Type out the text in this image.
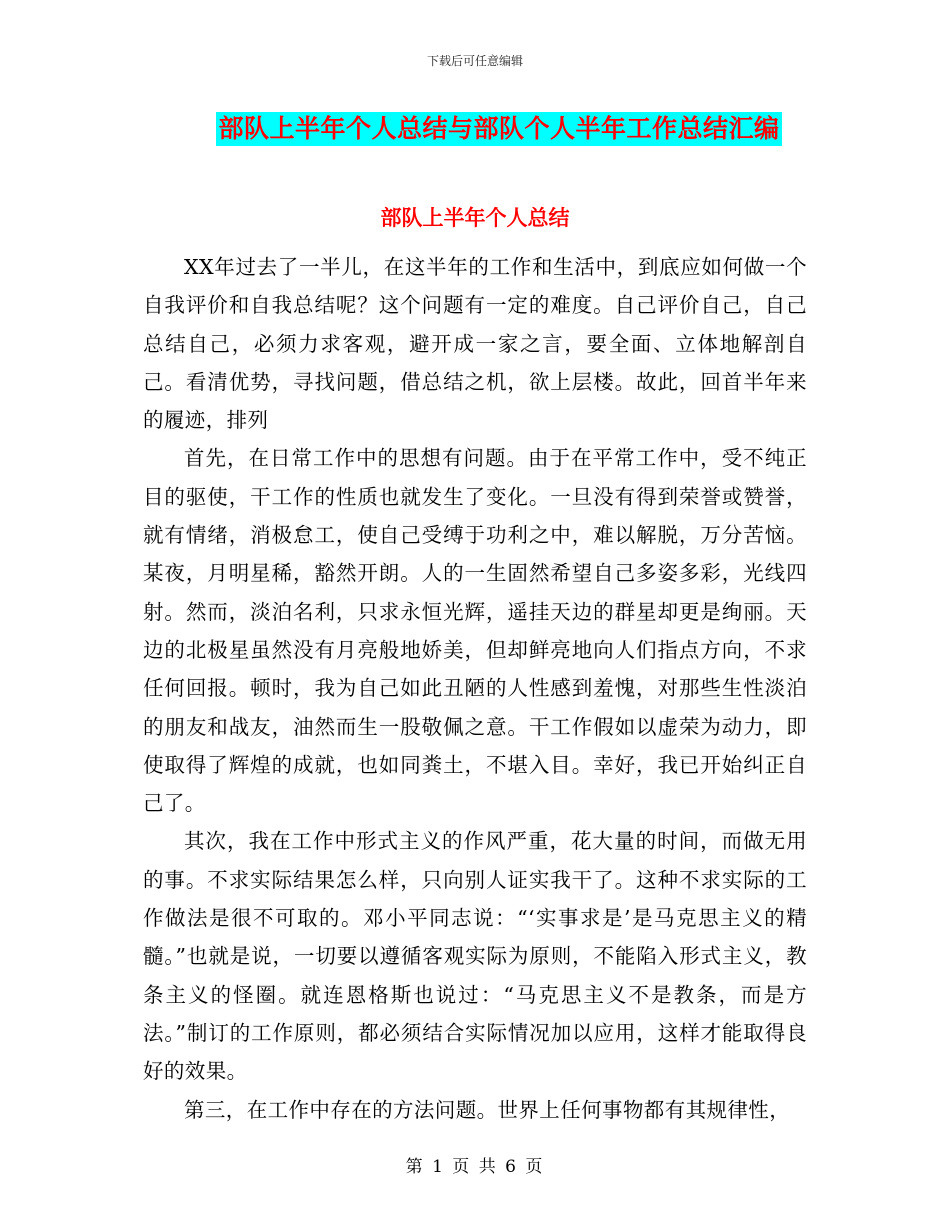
下载后可任意编辑
部队上半年个人总结与部队个人半年工作总结汇编
部队上半年个人总结

XX年过去了一半儿，在这半年的工作和生活中，到底应如何做一个自我评价和自我总结呢？这个问题有一定的难度。自己评价自己，自己总结自己，必须力求客观，避开成一家之言，要全面、立体地解剖自己。看清优势，寻找问题，借总结之机，欲上层楼。故此，回首半年来的履迹，排列

首先，在日常工作中的思想有问题。由于在平常工作中，受不纯正目的驱使，干工作的性质也就发生了变化。一旦没有得到荣誉或赞誉，就有情绪，消极怠工，使自己受缚于功利之中，难以解脱，万分苦恼。某夜，月明星稀，豁然开朗。人的一生固然希望自己多姿多彩，光线四射。然而，淡泊名利，只求永恒光辉，遥挂天边的群星却更是绚丽。天边的北极星虽然没有月亮般地娇美，但却鲜亮地向人们指点方向，不求任何回报。顿时，我为自己如此丑陋的人性感到羞愧，对那些生性淡泊的朋友和战友，油然而生一股敬佩之意。干工作假如以虚荣为动力，即使取得了辉煌的成就，也如同粪土，不堪入目。幸好，我已开始纠正自己了。

其次，我在工作中形式主义的作风严重，花大量的时间，而做无用的事。不求实际结果怎么样，只向别人证实我干了。这种不求实际的工作做法是很不可取的。邓小平同志说：“‘实事求是’是马克思主义的精髓。”也就是说，一切要以遵循客观实际为原则，不能陷入形式主义，教条主义的怪圈。就连恩格斯也说过：“马克思主义不是教条，而是方法。”制订的工作原则，都必须结合实际情况加以应用，这样才能取得良好的效果。

第三，在工作中存在的方法问题。世界上任何事物都有其规律性，

第 1 页 共 6 页
